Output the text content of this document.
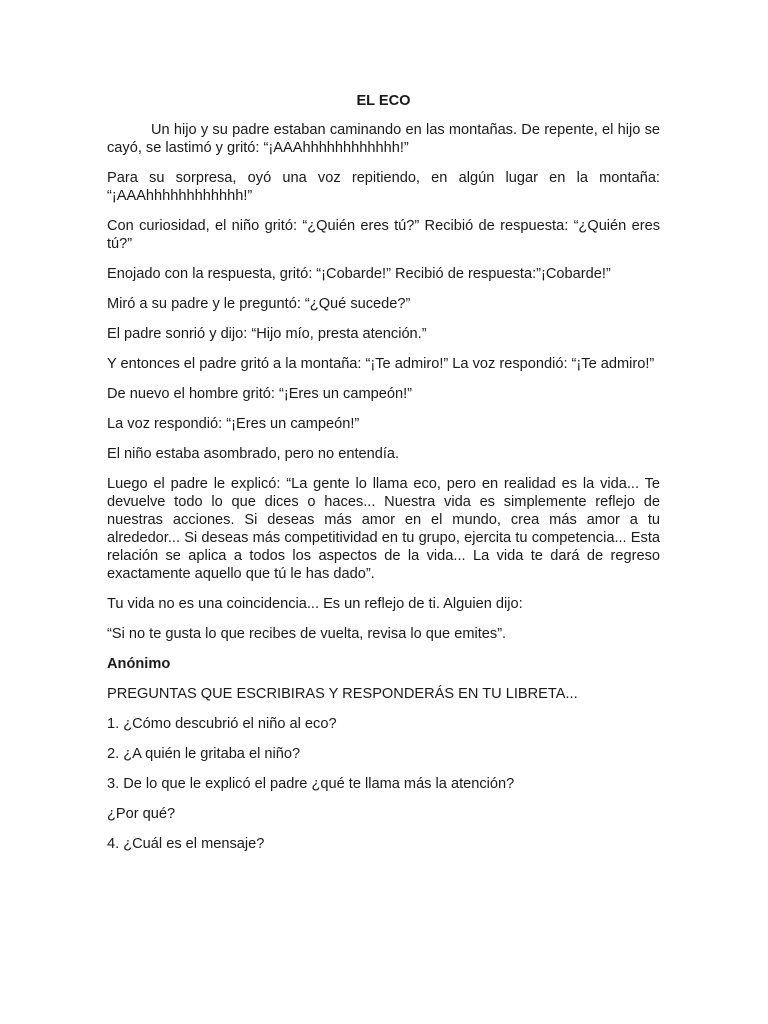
EL ECO

Un hijo y su padre estaban caminando en las montañas. De repente, el hijo se cayó, se lastimó y gritó: “¡AAAhhhhhhhhhhhh!”

Para su sorpresa, oyó una voz repitiendo, en algún lugar en la montaña: “¡AAAhhhhhhhhhhhh!”

Con curiosidad, el niño gritó: “¿Quién eres tú?” Recibió de respuesta: “¿Quién eres tú?”

Enojado con la respuesta, gritó: “¡Cobarde!” Recibió de respuesta:”¡Cobarde!”

Miró a su padre y le preguntó: “¿Qué sucede?”

El padre sonrió y dijo: “Hijo mío, presta atención.”

Y entonces el padre gritó a la montaña: “¡Te admiro!” La voz respondió: “¡Te admiro!”

De nuevo el hombre gritó: “¡Eres un campeón!”

La voz respondió: “¡Eres un campeón!”

El niño estaba asombrado, pero no entendía.

Luego el padre le explicó: “La gente lo llama eco, pero en realidad es la vida... Te devuelve todo lo que dices o haces... Nuestra vida es simplemente reflejo de nuestras acciones. Si deseas más amor en el mundo, crea más amor a tu alrededor... Si deseas más competitividad en tu grupo, ejercita tu competencia... Esta relación se aplica a todos los aspectos de la vida... La vida te dará de regreso exactamente aquello que tú le has dado”.

Tu vida no es una coincidencia... Es un reflejo de ti. Alguien dijo:

“Si no te gusta lo que recibes de vuelta, revisa lo que emites”.

Anónimo

PREGUNTAS QUE ESCRIBIRAS Y RESPONDERÁS EN TU LIBRETA...

1. ¿Cómo descubrió el niño al eco?

2. ¿A quién le gritaba el niño?

3. De lo que le explicó el padre ¿qué te llama más la atención?

¿Por qué?

4. ¿Cuál es el mensaje?
